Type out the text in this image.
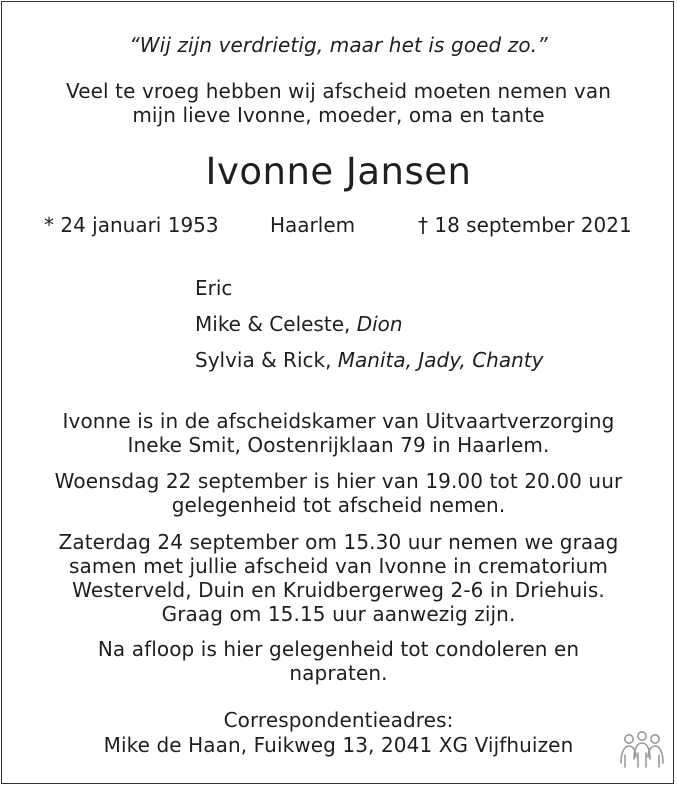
“Wij zijn verdrietig, maar het is goed zo.”
Veel te vroeg hebben wij afscheid moeten nemen van
mijn lieve Ivonne, moeder, oma en tante
Ivonne Jansen
* 24 januari 1953	Haarlem	† 18 september 2021
Eric
Mike & Celeste, Dion
Sylvia & Rick, Manita, Jady, Chanty
Ivonne is in de afscheidskamer van Uitvaartverzorging
Ineke Smit, Oostenrijklaan 79 in Haarlem.
Woensdag 22 september is hier van 19.00 tot 20.00 uur
gelegenheid tot afscheid nemen.
Zaterdag 24 september om 15.30 uur nemen we graag
samen met jullie afscheid van Ivonne in crematorium
Westerveld, Duin en Kruidbergerweg 2-6 in Driehuis.
Graag om 15.15 uur aanwezig zijn.
Na afloop is hier gelegenheid tot condoleren en
napraten.
Correspondentieadres:
Mike de Haan, Fuikweg 13, 2041 XG Vijfhuizen
